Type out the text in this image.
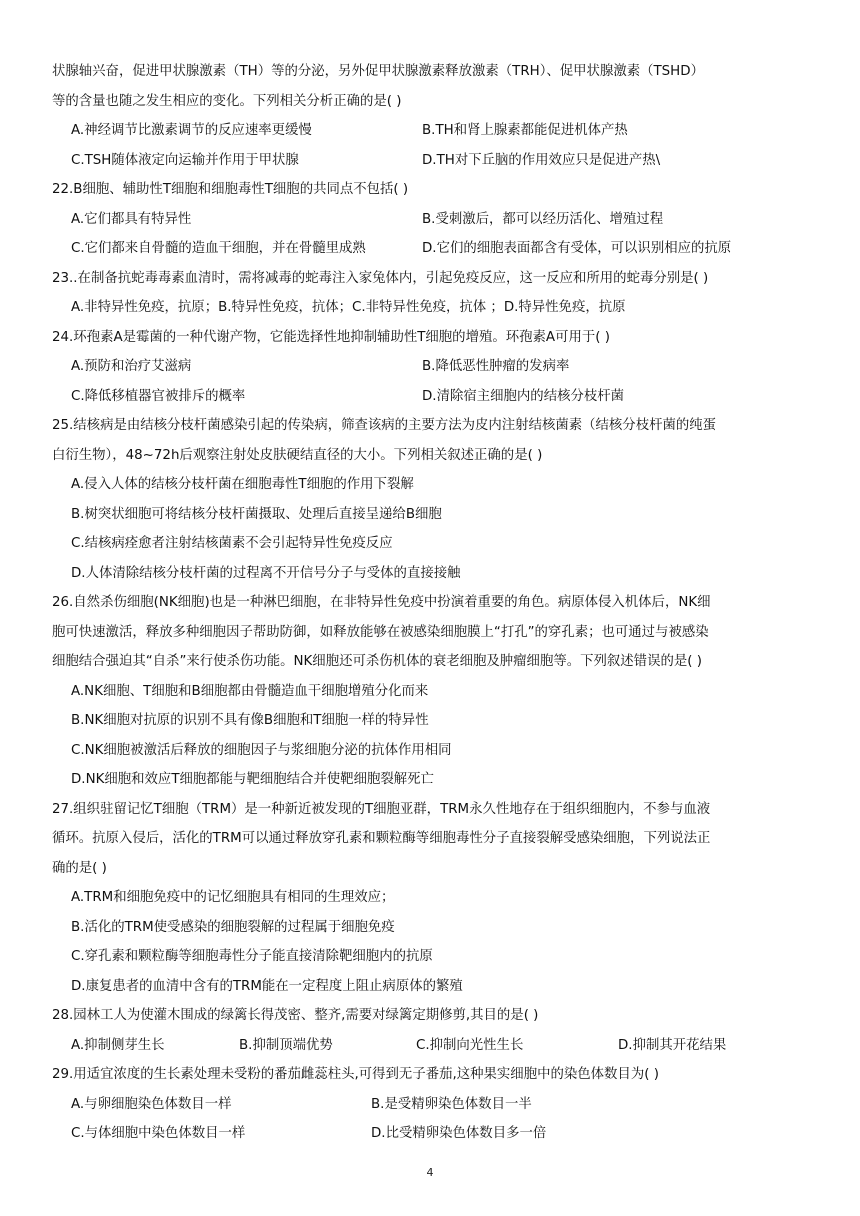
状腺轴兴奋，促进甲状腺激素（TH）等的分泌，另外促甲状腺激素释放激素（TRH）、促甲状腺激素（TSHD）

等的含量也随之发生相应的变化。下列相关分析正确的是( )

A.神经调节比激素调节的反应速率更缓慢	B.TH和肾上腺素都能促进机体产热
C.TSH随体液定向运输并作用于甲状腺	D.TH对下丘脑的作用效应只是促进产热\

22.B细胞、辅助性T细胞和细胞毒性T细胞的共同点不包括( )

A.它们都具有特异性	B.受刺激后，都可以经历活化、增殖过程
C.它们都来自骨髓的造血干细胞，并在骨髓里成熟	D.它们的细胞表面都含有受体，可以识别相应的抗原

23..在制备抗蛇毒毒素血清时，需将减毒的蛇毒注入家兔体内，引起免疫反应，这一反应和所用的蛇毒分别是( )

A.非特异性免疫，抗原；B.特异性免疫，抗体；C.非特异性免疫，抗体 ；D.特异性免疫，抗原

24.环孢素A是霉菌的一种代谢产物，它能选择性地抑制辅助性T细胞的增殖。环孢素A可用于( )

A.预防和治疗艾滋病	B.降低恶性肿瘤的发病率
C.降低移植器官被排斥的概率	D.清除宿主细胞内的结核分枝杆菌

25.结核病是由结核分枝杆菌感染引起的传染病，筛查该病的主要方法为皮内注射结核菌素（结核分枝杆菌的纯蛋

白衍生物），48~72h后观察注射处皮肤硬结直径的大小。下列相关叙述正确的是( )

A.侵入人体的结核分枝杆菌在细胞毒性T细胞的作用下裂解

B.树突状细胞可将结核分枝杆菌摄取、处理后直接呈递给B细胞

C.结核病痊愈者注射结核菌素不会引起特异性免疫反应

D.人体清除结核分枝杆菌的过程离不开信号分子与受体的直接接触

26.自然杀伤细胞(NK细胞)也是一种淋巴细胞，在非特异性免疫中扮演着重要的角色。病原体侵入机体后，NK细

胞可快速激活，释放多种细胞因子帮助防御，如释放能够在被感染细胞膜上“打孔”的穿孔素；也可通过与被感染

细胞结合强迫其“自杀”来行使杀伤功能。NK细胞还可杀伤机体的衰老细胞及肿瘤细胞等。下列叙述错误的是( )

A.NK细胞、T细胞和B细胞都由骨髓造血干细胞增殖分化而来

B.NK细胞对抗原的识别不具有像B细胞和T细胞一样的特异性

C.NK细胞被激活后释放的细胞因子与浆细胞分泌的抗体作用相同

D.NK细胞和效应T细胞都能与靶细胞结合并使靶细胞裂解死亡

27.组织驻留记忆T细胞（TRM）是一种新近被发现的T细胞亚群，TRM永久性地存在于组织细胞内，不参与血液

循环。抗原入侵后，活化的TRM可以通过释放穿孔素和颗粒酶等细胞毒性分子直接裂解受感染细胞，下列说法正

确的是( )

A.TRM和细胞免疫中的记忆细胞具有相同的生理效应；

B.活化的TRM使受感染的细胞裂解的过程属于细胞免疫

C.穿孔素和颗粒酶等细胞毒性分子能直接清除靶细胞内的抗原

D.康复患者的血清中含有的TRM能在一定程度上阻止病原体的繁殖

28.园林工人为使灌木围成的绿篱长得茂密、整齐,需要对绿篱定期修剪,其目的是( )

A.抑制侧芽生长	B.抑制顶端优势	C.抑制向光性生长	D.抑制其开花结果

29.用适宜浓度的生长素处理未受粉的番茄雌蕊柱头,可得到无子番茄,这种果实细胞中的染色体数目为( )

A.与卵细胞染色体数目一样	B.是受精卵染色体数目一半
C.与体细胞中染色体数目一样	D.比受精卵染色体数目多一倍
4
